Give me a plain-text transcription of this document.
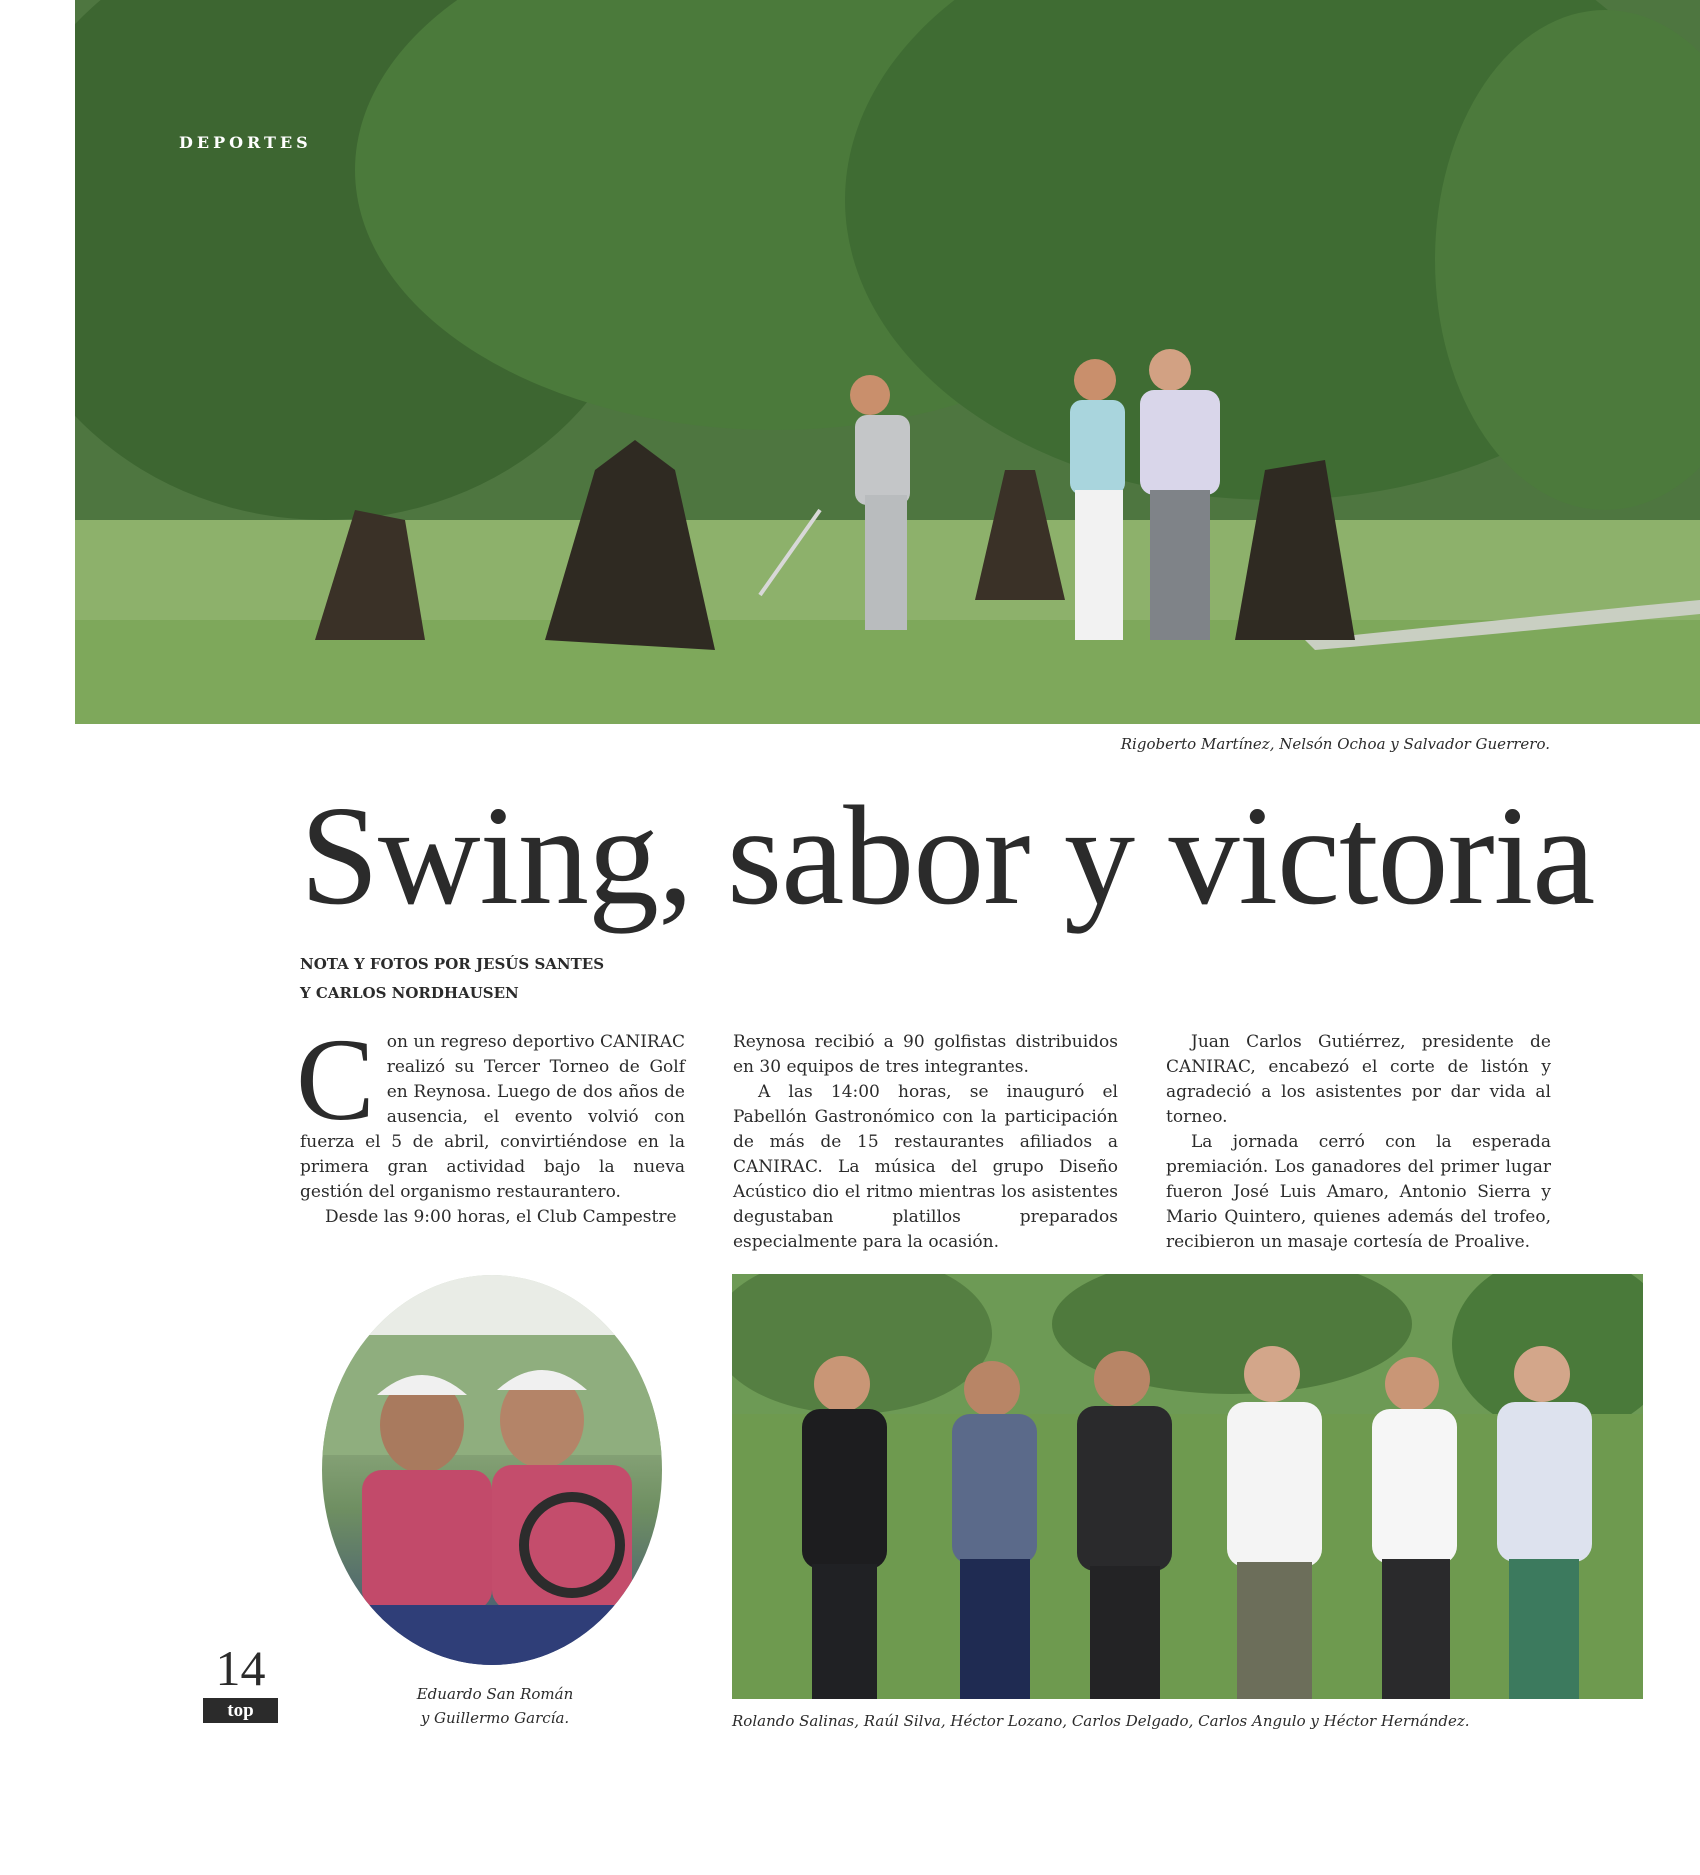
DEPORTES
Rigoberto Martínez, Nelsón Ochoa y Salvador Guerrero.
Swing, sabor y victoria
NOTA Y FOTOS POR JESÚS SANTES
Y CARLOS NORDHAUSEN

Con un regreso deportivo CANIRAC realizó su Tercer Torneo de Golf en Reynosa. Luego de dos años de ausencia, el evento volvió con fuerza el 5 de abril, convirtiéndose en la primera gran actividad bajo la nueva gestión del organismo restaurantero.

Desde las 9:00 horas, el Club Campestre

Reynosa recibió a 90 golfistas distribuidos en 30 equipos de tres integrantes.

A las 14:00 horas, se inauguró el Pabellón Gastronómico con la participación de más de 15 restaurantes afiliados a CANIRAC. La música del grupo Diseño Acústico dio el ritmo mientras los asistentes degustaban platillos preparados especialmente para la ocasión.

Juan Carlos Gutiérrez, presidente de CANIRAC, encabezó el corte de listón y agradeció a los asistentes por dar vida al torneo.

La jornada cerró con la esperada premiación. Los ganadores del primer lugar fueron José Luis Amaro, Antonio Sierra y Mario Quintero, quienes además del trofeo, recibieron un masaje cortesía de Proalive.

Eduardo San Román
y Guillermo García.	Rolando Salinas, Raúl Silva, Héctor Lozano, Carlos Delgado, Carlos Angulo y Héctor Hernández.
14
top
